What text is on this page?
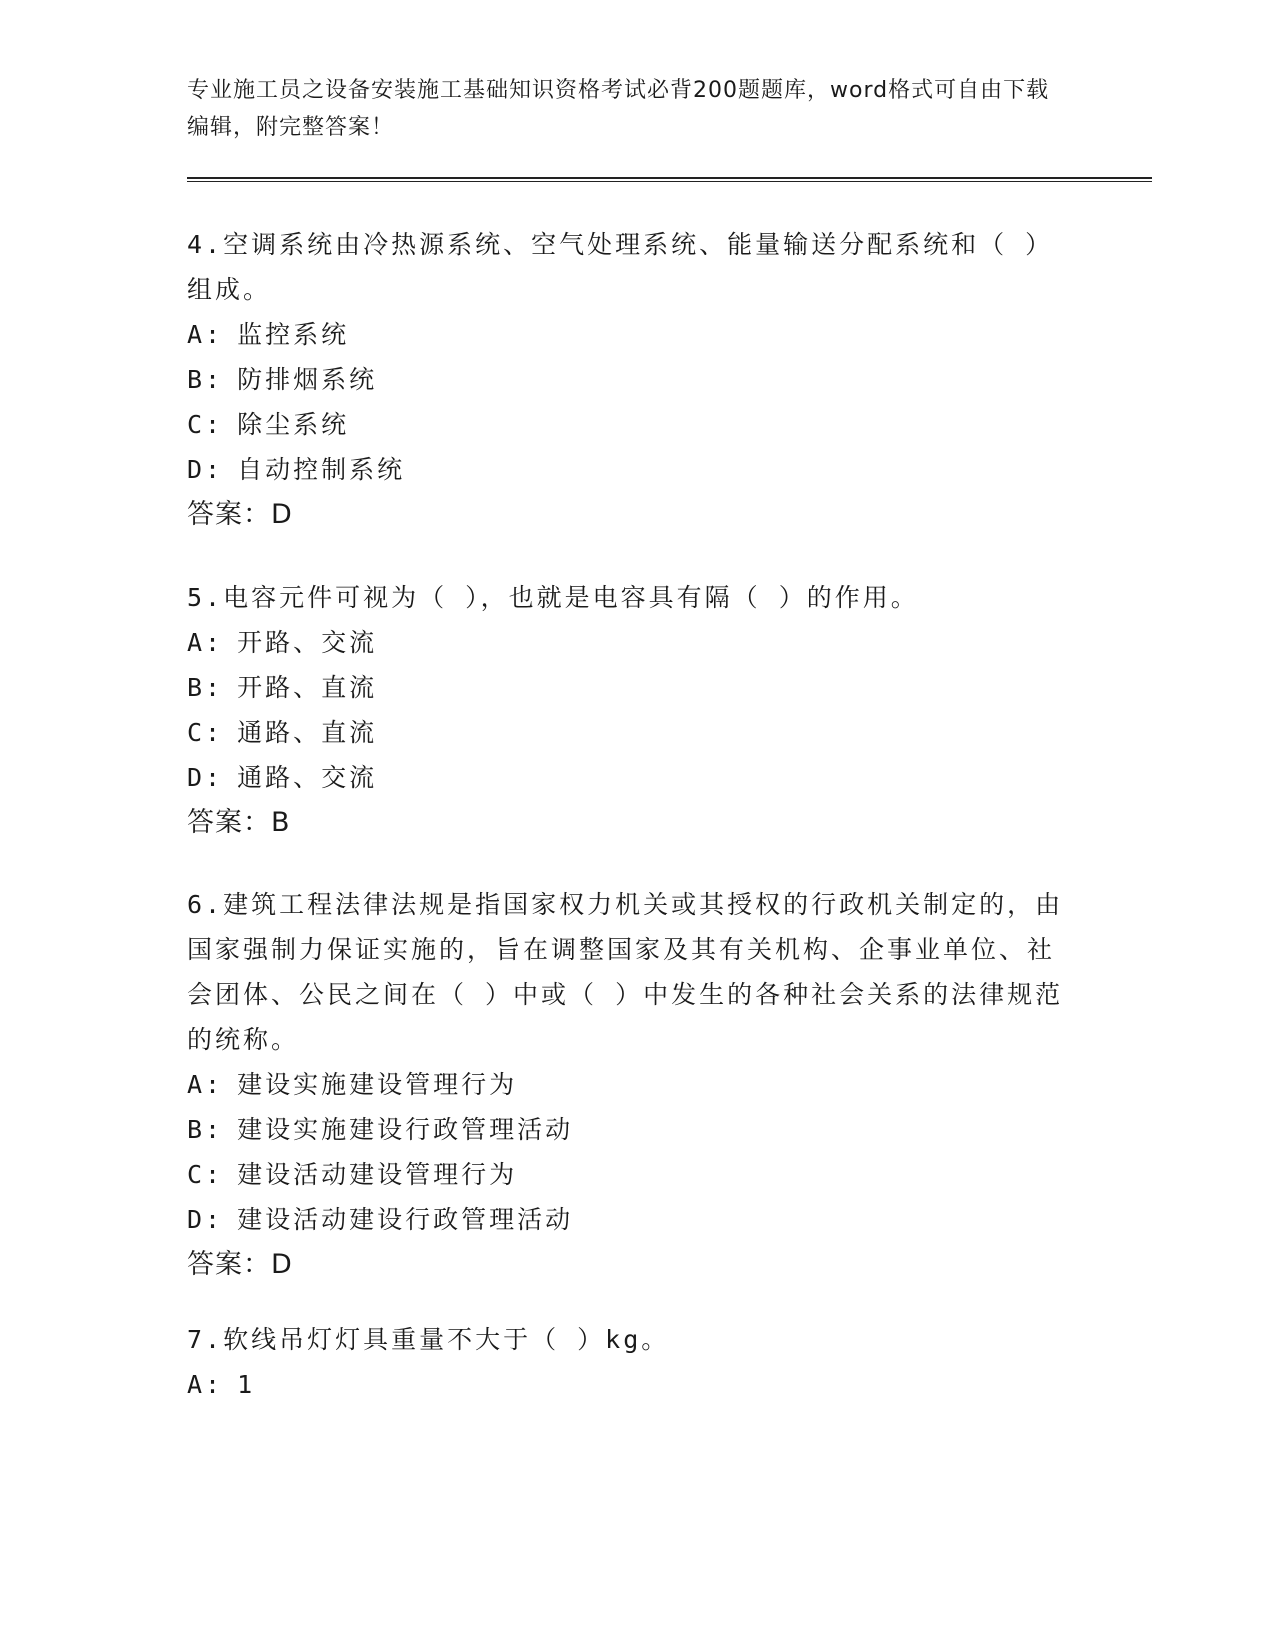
专业施工员之设备安装施工基础知识资格考试必背200题题库，word格式可自由下载编辑，附完整答案！

4.空调系统由冷热源系统、空气处理系统、能量输送分配系统和（ ）组成。

A: 监控系统
B: 防排烟系统
C: 除尘系统
D: 自动控制系统
答案：D

5.电容元件可视为（ ），也就是电容具有隔（ ）的作用。

A: 开路、交流
B: 开路、直流
C: 通路、直流
D: 通路、交流
答案：B

6.建筑工程法律法规是指国家权力机关或其授权的行政机关制定的，由国家强制力保证实施的，旨在调整国家及其有关机构、企事业单位、社会团体、公民之间在（ ）中或（ ）中发生的各种社会关系的法律规范的统称。

A: 建设实施建设管理行为
B: 建设实施建设行政管理活动
C: 建设活动建设管理行为
D: 建设活动建设行政管理活动
答案：D

7.软线吊灯灯具重量不大于（ ）kg。

A: 1
